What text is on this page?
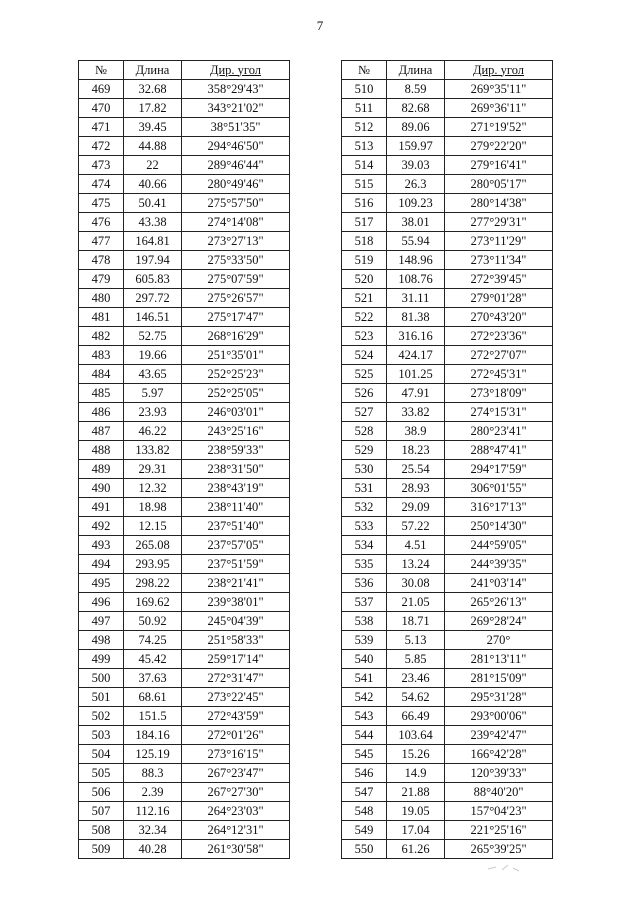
7
№	Длина	Дир. угол
469	32.68	358°29'43"
470	17.82	343°21'02"
471	39.45	38°51'35"
472	44.88	294°46'50"
473	22	289°46'44"
474	40.66	280°49'46"
475	50.41	275°57'50"
476	43.38	274°14'08"
477	164.81	273°27'13"
478	197.94	275°33'50"
479	605.83	275°07'59"
480	297.72	275°26'57"
481	146.51	275°17'47"
482	52.75	268°16'29"
483	19.66	251°35'01"
484	43.65	252°25'23"
485	5.97	252°25'05"
486	23.93	246°03'01"
487	46.22	243°25'16"
488	133.82	238°59'33"
489	29.31	238°31'50"
490	12.32	238°43'19"
491	18.98	238°11'40"
492	12.15	237°51'40"
493	265.08	237°57'05"
494	293.95	237°51'59"
495	298.22	238°21'41"
496	169.62	239°38'01"
497	50.92	245°04'39"
498	74.25	251°58'33"
499	45.42	259°17'14"
500	37.63	272°31'47"
501	68.61	273°22'45"
502	151.5	272°43'59"
503	184.16	272°01'26"
504	125.19	273°16'15"
505	88.3	267°23'47"
506	2.39	267°27'30"
507	112.16	264°23'03"
508	32.34	264°12'31"
509	40.28	261°30'58"
№	Длина	Дир. угол
510	8.59	269°35'11"
511	82.68	269°36'11"
512	89.06	271°19'52"
513	159.97	279°22'20"
514	39.03	279°16'41"
515	26.3	280°05'17"
516	109.23	280°14'38"
517	38.01	277°29'31"
518	55.94	273°11'29"
519	148.96	273°11'34"
520	108.76	272°39'45"
521	31.11	279°01'28"
522	81.38	270°43'20"
523	316.16	272°23'36"
524	424.17	272°27'07"
525	101.25	272°45'31"
526	47.91	273°18'09"
527	33.82	274°15'31"
528	38.9	280°23'41"
529	18.23	288°47'41"
530	25.54	294°17'59"
531	28.93	306°01'55"
532	29.09	316°17'13"
533	57.22	250°14'30"
534	4.51	244°59'05"
535	13.24	244°39'35"
536	30.08	241°03'14"
537	21.05	265°26'13"
538	18.71	269°28'24"
539	5.13	270°
540	5.85	281°13'11"
541	23.46	281°15'09"
542	54.62	295°31'28"
543	66.49	293°00'06"
544	103.64	239°42'47"
545	15.26	166°42'28"
546	14.9	120°39'33"
547	21.88	88°40'20"
548	19.05	157°04'23"
549	17.04	221°25'16"
550	61.26	265°39'25"
